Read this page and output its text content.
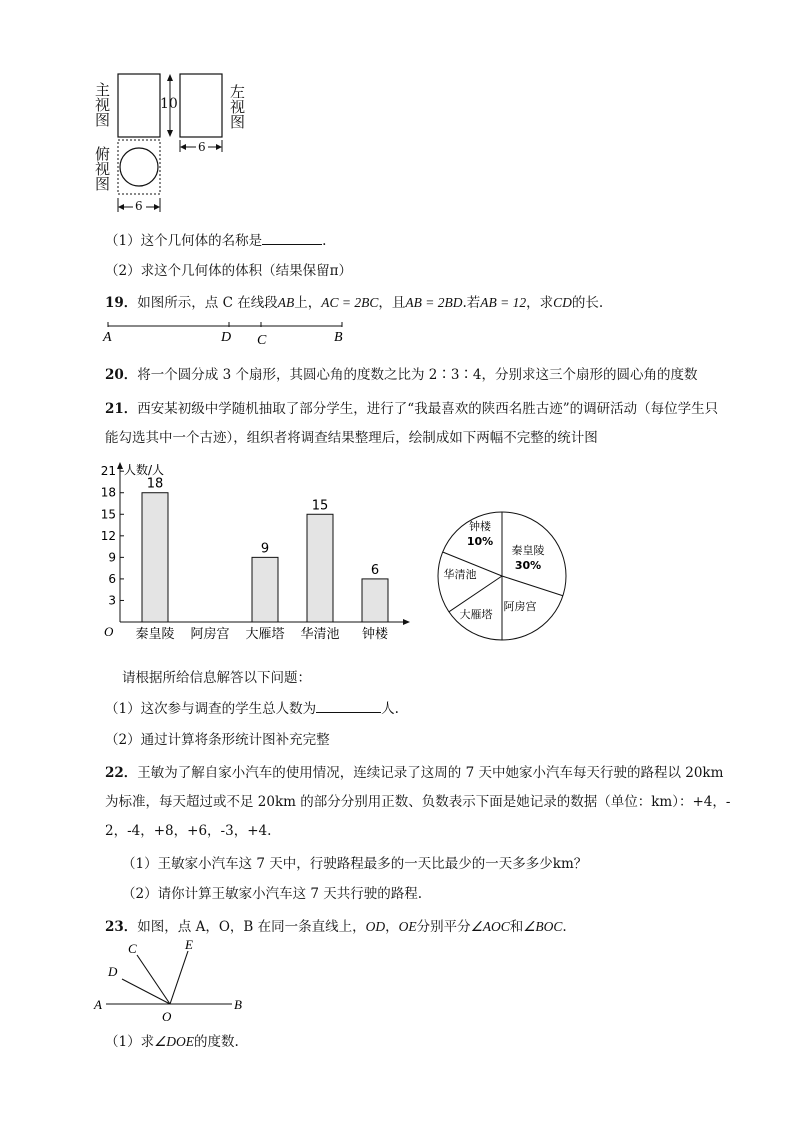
主视图	左视图
俯视图
10
6
6
（1）这个几何体的名称是	.
（2）求这个几何体的体积（结果保留π）
19．如图所示，点 C 在线段AB上，AC = 2BC，且AB = 2BD.若AB = 12，求CD的长.
A	D C	B
20．将一个圆分成 3 个扇形，其圆心角的度数之比为 2∶3∶4，分别求这三个扇形的圆心角的度数
21．西安某初级中学随机抽取了部分学生，进行了“我最喜欢的陕西名胜古迹”的调研活动（每位学生只
能勾选其中一个古迹），组织者将调查结果整理后，绘制成如下两幅不完整的统计图
人数/人
O
3
6
9
12
15
18
21
18
秦皇陵 阿房宫
9
大雁塔
15
华清池
6
钟楼
秦皇陵
30%
阿房宫
大雁塔
华清池
钟楼
10%
请根据所给信息解答以下问题：
（1）这次参与调查的学生总人数为	人.
（2）通过计算将条形统计图补充完整
22．王敏为了解自家小汽车的使用情况，连续记录了这周的 7 天中她家小汽车每天行驶的路程以 20km
为标准，每天超过或不足 20km 的部分分别用正数、负数表示下面是她记录的数据（单位：km）：+4，-
2，-4，+8，+6，-3，+4.
（1）王敏家小汽车这 7 天中，行驶路程最多的一天比最少的一天多多少km？
（2）请你计算王敏家小汽车这 7 天共行驶的路程.
23．如图，点 A，O，B 在同一条直线上，OD，OE分别平分∠AOC和∠BOC.
A	B
O
C
D
E
（1）求∠DOE的度数.
